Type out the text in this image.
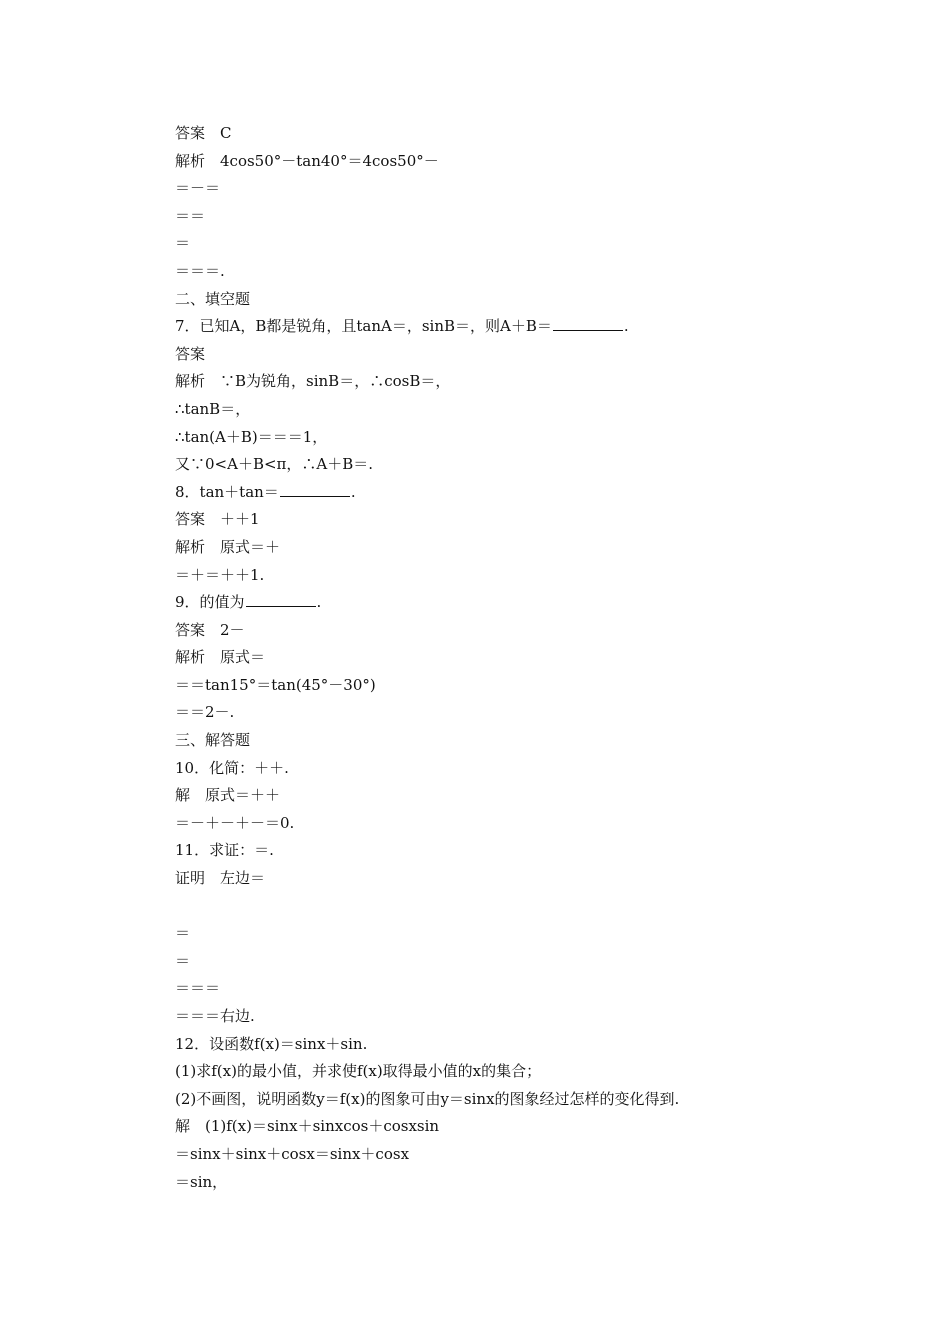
答案　C
解析　4cos50°－tan40°＝4cos50°－
＝－＝
＝＝
＝
＝＝＝.
二、填空题
7．已知A，B都是锐角，且tanA＝，sinB＝，则A＋B＝	.
答案
解析　∵B为锐角，sinB＝，∴cosB＝，
∴tanB＝，
∴tan(A＋B)＝＝＝1，
又∵0<A＋B<π，∴A＋B＝.
8．tan＋tan＝	.
答案　＋＋1
解析　原式＝＋
＝＋＝＋＋1.
9．的值为	.
答案　2－
解析　原式＝
＝＝tan15°＝tan(45°－30°)
＝＝2－.
三、解答题
10．化简：＋＋.
解　原式＝＋＋
＝－＋－＋－＝0.
11．求证：＝.
证明　左边＝
＝
＝
＝＝＝
＝＝＝右边.
12．设函数f(x)＝sinx＋sin.
(1)求f(x)的最小值，并求使f(x)取得最小值的x的集合；
(2)不画图，说明函数y＝f(x)的图象可由y＝sinx的图象经过怎样的变化得到.
解　(1)f(x)＝sinx＋sinxcos＋cosxsin
＝sinx＋sinx＋cosx＝sinx＋cosx
＝sin，
